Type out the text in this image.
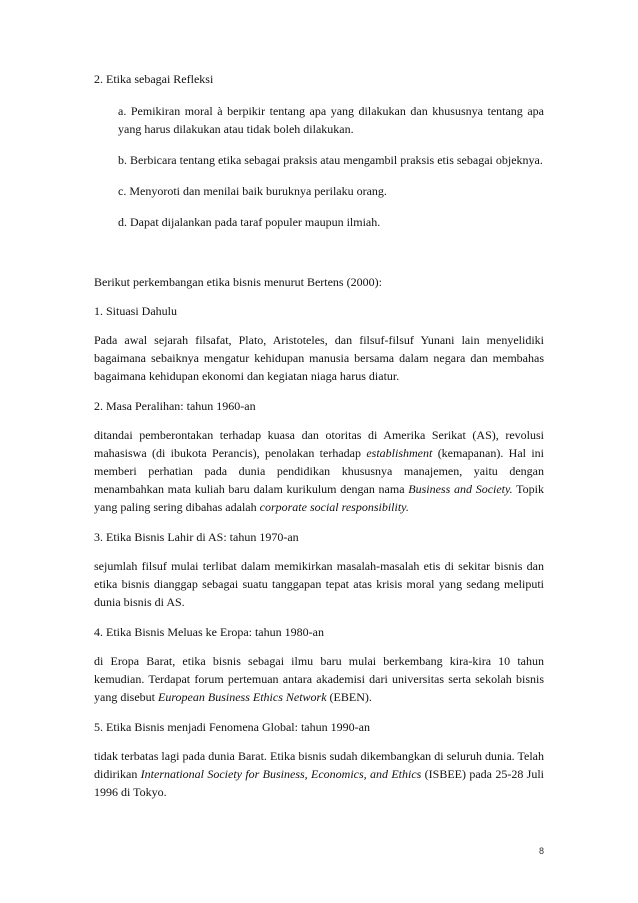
2. Etika sebagai Refleksi

a. Pemikiran moral à berpikir tentang apa yang dilakukan dan khususnya tentang apa yang harus dilakukan atau tidak boleh dilakukan.

b. Berbicara tentang etika sebagai praksis atau mengambil praksis etis sebagai objeknya.

c. Menyoroti dan menilai baik buruknya perilaku orang.

d. Dapat dijalankan pada taraf populer maupun ilmiah.

Berikut perkembangan etika bisnis menurut Bertens (2000):

1. Situasi Dahulu

Pada awal sejarah filsafat, Plato, Aristoteles, dan filsuf-filsuf Yunani lain menyelidiki bagaimana sebaiknya mengatur kehidupan manusia bersama dalam negara dan membahas bagaimana kehidupan ekonomi dan kegiatan niaga harus diatur.

2. Masa Peralihan: tahun 1960-an

ditandai pemberontakan terhadap kuasa dan otoritas di Amerika Serikat (AS), revolusi mahasiswa (di ibukota Perancis), penolakan terhadap establishment (kemapanan). Hal ini memberi perhatian pada dunia pendidikan khususnya manajemen, yaitu dengan menambahkan mata kuliah baru dalam kurikulum dengan nama Business and Society. Topik yang paling sering dibahas adalah corporate social responsibility.

3. Etika Bisnis Lahir di AS: tahun 1970-an

sejumlah filsuf mulai terlibat dalam memikirkan masalah-masalah etis di sekitar bisnis dan etika bisnis dianggap sebagai suatu tanggapan tepat atas krisis moral yang sedang meliputi dunia bisnis di AS.

4. Etika Bisnis Meluas ke Eropa: tahun 1980-an

di Eropa Barat, etika bisnis sebagai ilmu baru mulai berkembang kira-kira 10 tahun kemudian. Terdapat forum pertemuan antara akademisi dari universitas serta sekolah bisnis yang disebut European Business Ethics Network (EBEN).

5. Etika Bisnis menjadi Fenomena Global: tahun 1990-an

tidak terbatas lagi pada dunia Barat. Etika bisnis sudah dikembangkan di seluruh dunia. Telah didirikan International Society for Business, Economics, and Ethics (ISBEE) pada 25-28 Juli 1996 di Tokyo.

8
